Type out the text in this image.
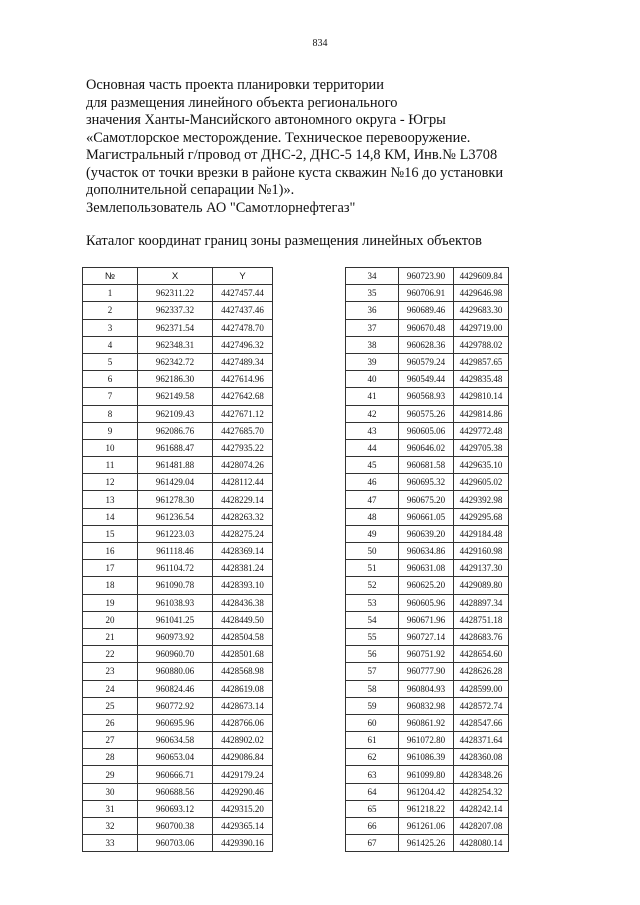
834
Основная часть проекта планировки территории
для размещения линейного объекта регионального
значения Ханты-Мансийского автономного округа - Югры
«Самотлорское месторождение. Техническое перевооружение.
Магистральный г/провод от ДНС-2, ДНС-5 14,8 КМ, Инв.№ L3708
(участок от точки врезки в районе куста скважин №16 до установки
дополнительной сепарации №1)».
Землепользователь АО "Самотлорнефтегаз"
Каталог координат границ зоны размещения линейных объектов
№	X	Y
1	962311.22	4427457.44
2	962337.32	4427437.46
3	962371.54	4427478.70
4	962348.31	4427496.32
5	962342.72	4427489.34
6	962186.30	4427614.96
7	962149.58	4427642.68
8	962109.43	4427671.12
9	962086.76	4427685.70
10	961688.47	4427935.22
11	961481.88	4428074.26
12	961429.04	4428112.44
13	961278.30	4428229.14
14	961236.54	4428263.32
15	961223.03	4428275.24
16	961118.46	4428369.14
17	961104.72	4428381.24
18	961090.78	4428393.10
19	961038.93	4428436.38
20	961041.25	4428449.50
21	960973.92	4428504.58
22	960960.70	4428501.68
23	960880.06	4428568.98
24	960824.46	4428619.08
25	960772.92	4428673.14
26	960695.96	4428766.06
27	960634.58	4428902.02
28	960653.04	4429086.84
29	960666.71	4429179.24
30	960688.56	4429290.46
31	960693.12	4429315.20
32	960700.38	4429365.14
33	960703.06	4429390.16
34	960723.90	4429609.84
35	960706.91	4429646.98
36	960689.46	4429683.30
37	960670.48	4429719.00
38	960628.36	4429788.02
39	960579.24	4429857.65
40	960549.44	4429835.48
41	960568.93	4429810.14
42	960575.26	4429814.86
43	960605.06	4429772.48
44	960646.02	4429705.38
45	960681.58	4429635.10
46	960695.32	4429605.02
47	960675.20	4429392.98
48	960661.05	4429295.68
49	960639.20	4429184.48
50	960634.86	4429160.98
51	960631.08	4429137.30
52	960625.20	4429089.80
53	960605.96	4428897.34
54	960671.96	4428751.18
55	960727.14	4428683.76
56	960751.92	4428654.60
57	960777.90	4428626.28
58	960804.93	4428599.00
59	960832.98	4428572.74
60	960861.92	4428547.66
61	961072.80	4428371.64
62	961086.39	4428360.08
63	961099.80	4428348.26
64	961204.42	4428254.32
65	961218.22	4428242.14
66	961261.06	4428207.08
67	961425.26	4428080.14
